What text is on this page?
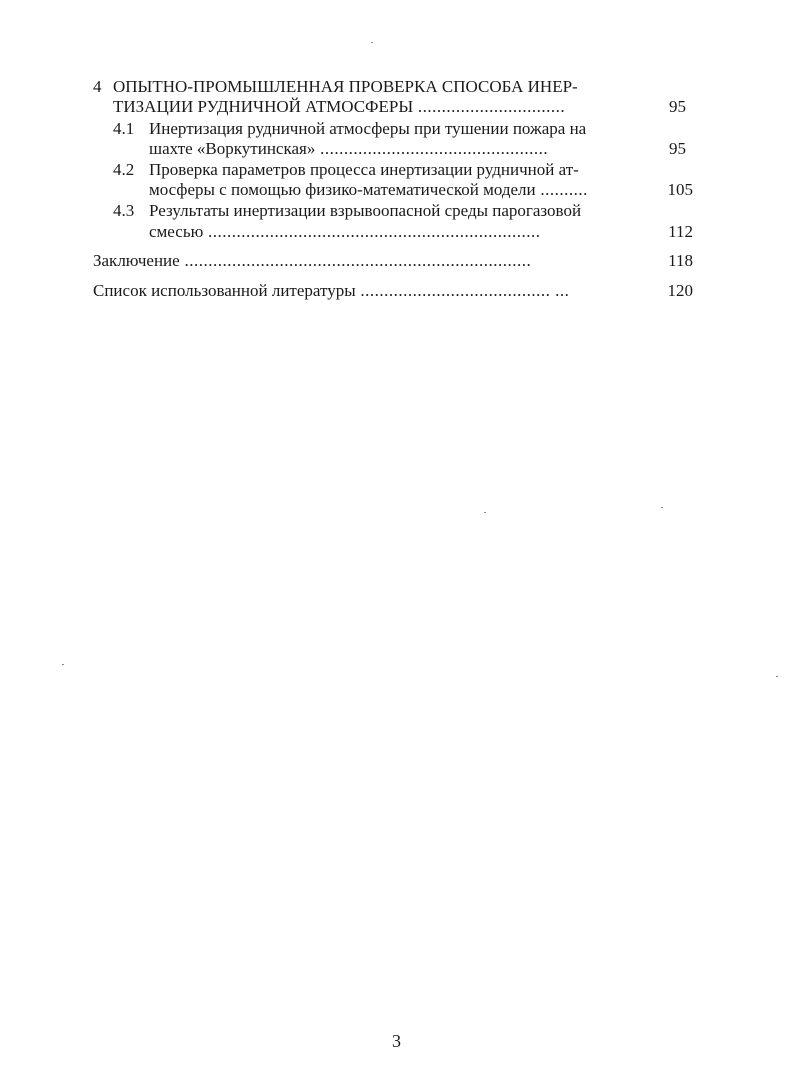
4 ОПЫТНО-ПРОМЫШЛЕННАЯ ПРОВЕРКА СПОСОБА ИНЕР-
ТИЗАЦИИ РУДНИЧНОЙ АТМОСФЕРЫ ...............................	95
4.1 Инертизация рудничной атмосферы при тушении пожара на
шахте «Воркутинская» ................................................	95
4.2 Проверка параметров процесса инертизации рудничной ат-
мосферы с помощью физико-математической модели ..........	105
4.3 Результаты инертизации взрывоопасной среды парогазовой
смесью ......................................................................	112
Заключение .........................................................................	118
Список использованной литературы ........................................ ...	120
3
